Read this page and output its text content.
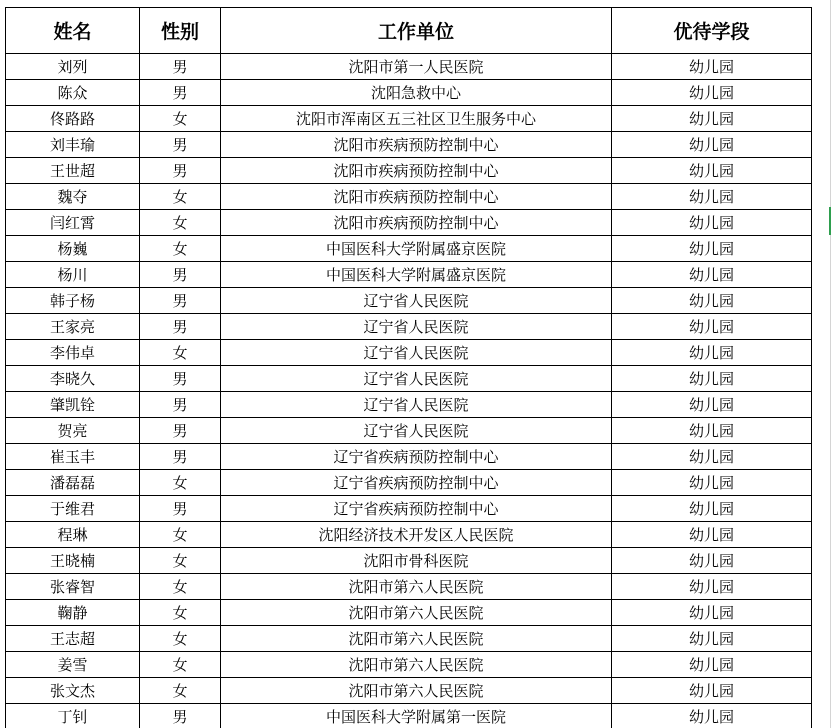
姓名	性别	工作单位	优待学段
刘列	男	沈阳市第一人民医院	幼儿园
陈众	男	沈阳急救中心	幼儿园
佟路路	女	沈阳市浑南区五三社区卫生服务中心	幼儿园
刘丰瑜	男	沈阳市疾病预防控制中心	幼儿园
王世超	男	沈阳市疾病预防控制中心	幼儿园
魏夺	女	沈阳市疾病预防控制中心	幼儿园
闫红霄	女	沈阳市疾病预防控制中心	幼儿园
杨巍	女	中国医科大学附属盛京医院	幼儿园
杨川	男	中国医科大学附属盛京医院	幼儿园
韩子杨	男	辽宁省人民医院	幼儿园
王家亮	男	辽宁省人民医院	幼儿园
李伟卓	女	辽宁省人民医院	幼儿园
李晓久	男	辽宁省人民医院	幼儿园
肇凯铨	男	辽宁省人民医院	幼儿园
贺亮	男	辽宁省人民医院	幼儿园
崔玉丰	男	辽宁省疾病预防控制中心	幼儿园
潘磊磊	女	辽宁省疾病预防控制中心	幼儿园
于维君	男	辽宁省疾病预防控制中心	幼儿园
程琳	女	沈阳经济技术开发区人民医院	幼儿园
王晓楠	女	沈阳市骨科医院	幼儿园
张睿智	女	沈阳市第六人民医院	幼儿园
鞠静	女	沈阳市第六人民医院	幼儿园
王志超	女	沈阳市第六人民医院	幼儿园
姜雪	女	沈阳市第六人民医院	幼儿园
张文杰	女	沈阳市第六人民医院	幼儿园
丁钊	男	中国医科大学附属第一医院	幼儿园
